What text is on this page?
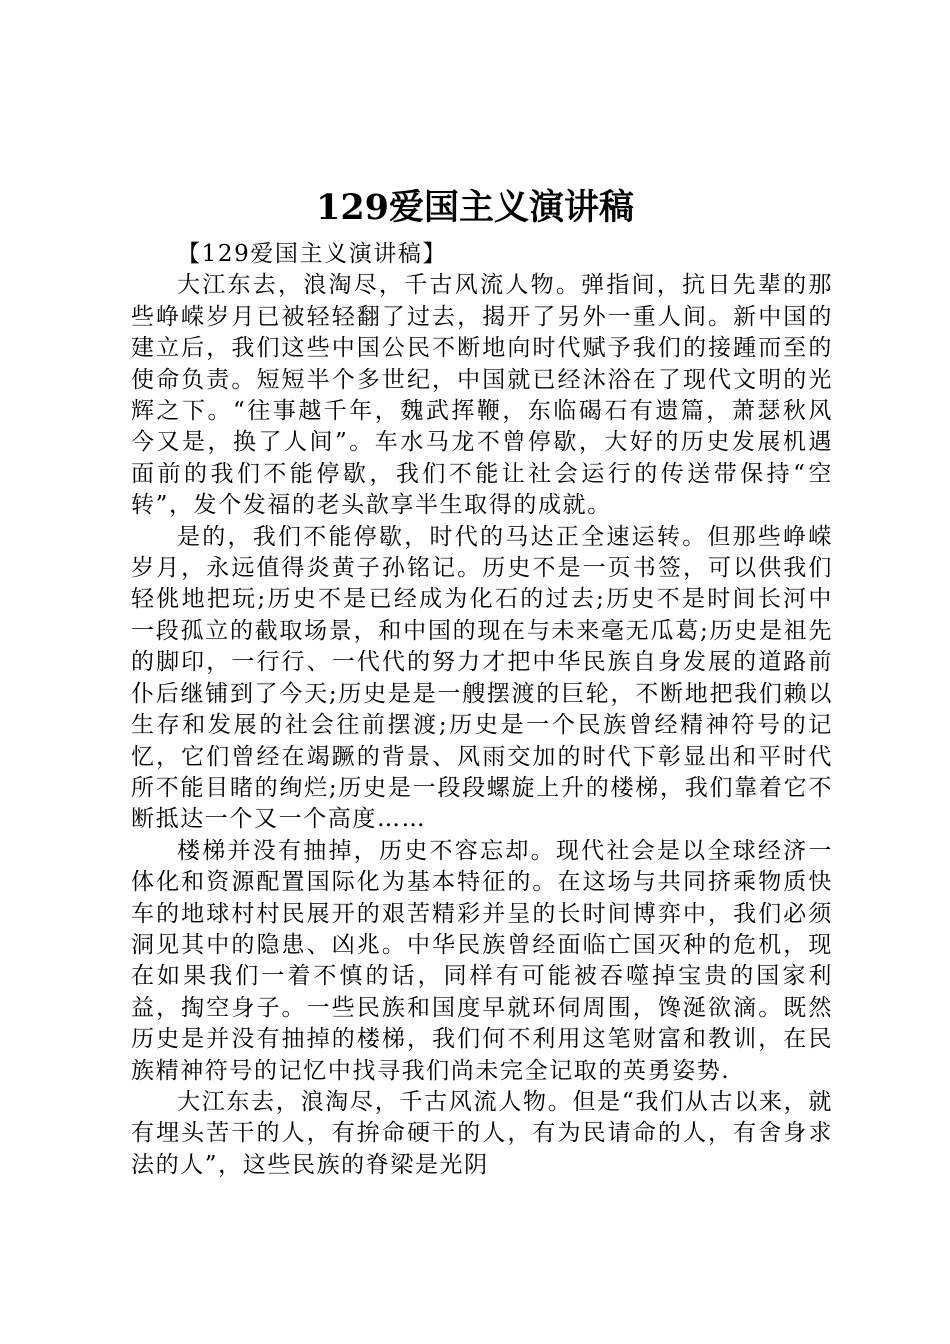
129爱国主义演讲稿

【129爱国主义演讲稿】

大江东去，浪淘尽，千古风流人物。弹指间，抗日先辈的那些峥嵘岁月已被轻轻翻了过去，揭开了另外一重人间。新中国的建立后，我们这些中国公民不断地向时代赋予我们的接踵而至的使命负责。短短半个多世纪，中国就已经沐浴在了现代文明的光辉之下。“往事越千年，魏武挥鞭，东临碣石有遗篇，萧瑟秋风今又是，换了人间”。车水马龙不曾停歇，大好的历史发展机遇面前的我们不能停歇，我们不能让社会运行的传送带保持“空转”，发个发福的老头歆享半生取得的成就。

是的，我们不能停歇，时代的马达正全速运转。但那些峥嵘岁月，永远值得炎黄子孙铭记。历史不是一页书签，可以供我们轻佻地把玩;历史不是已经成为化石的过去;历史不是时间长河中一段孤立的截取场景，和中国的现在与未来毫无瓜葛;历史是祖先的脚印，一行行、一代代的努力才把中华民族自身发展的道路前仆后继铺到了今天;历史是是一艘摆渡的巨轮，不断地把我们赖以生存和发展的社会往前摆渡;历史是一个民族曾经精神符号的记忆，它们曾经在竭蹶的背景、风雨交加的时代下彰显出和平时代所不能目睹的绚烂;历史是一段段螺旋上升的楼梯，我们靠着它不断抵达一个又一个高度……

楼梯并没有抽掉，历史不容忘却。现代社会是以全球经济一体化和资源配置国际化为基本特征的。在这场与共同挤乘物质快车的地球村村民展开的艰苦精彩并呈的长时间博弈中，我们必须洞见其中的隐患、凶兆。中华民族曾经面临亡国灭种的危机，现在如果我们一着不慎的话，同样有可能被吞噬掉宝贵的国家利益，掏空身子。一些民族和国度早就环伺周围，馋涎欲滴。既然历史是并没有抽掉的楼梯，我们何不利用这笔财富和教训，在民族精神符号的记忆中找寻我们尚未完全记取的英勇姿势.

大江东去，浪淘尽，千古风流人物。但是“我们从古以来，就有埋头苦干的人，有拚命硬干的人，有为民请命的人，有舍身求法的人”，这些民族的脊梁是光阴
